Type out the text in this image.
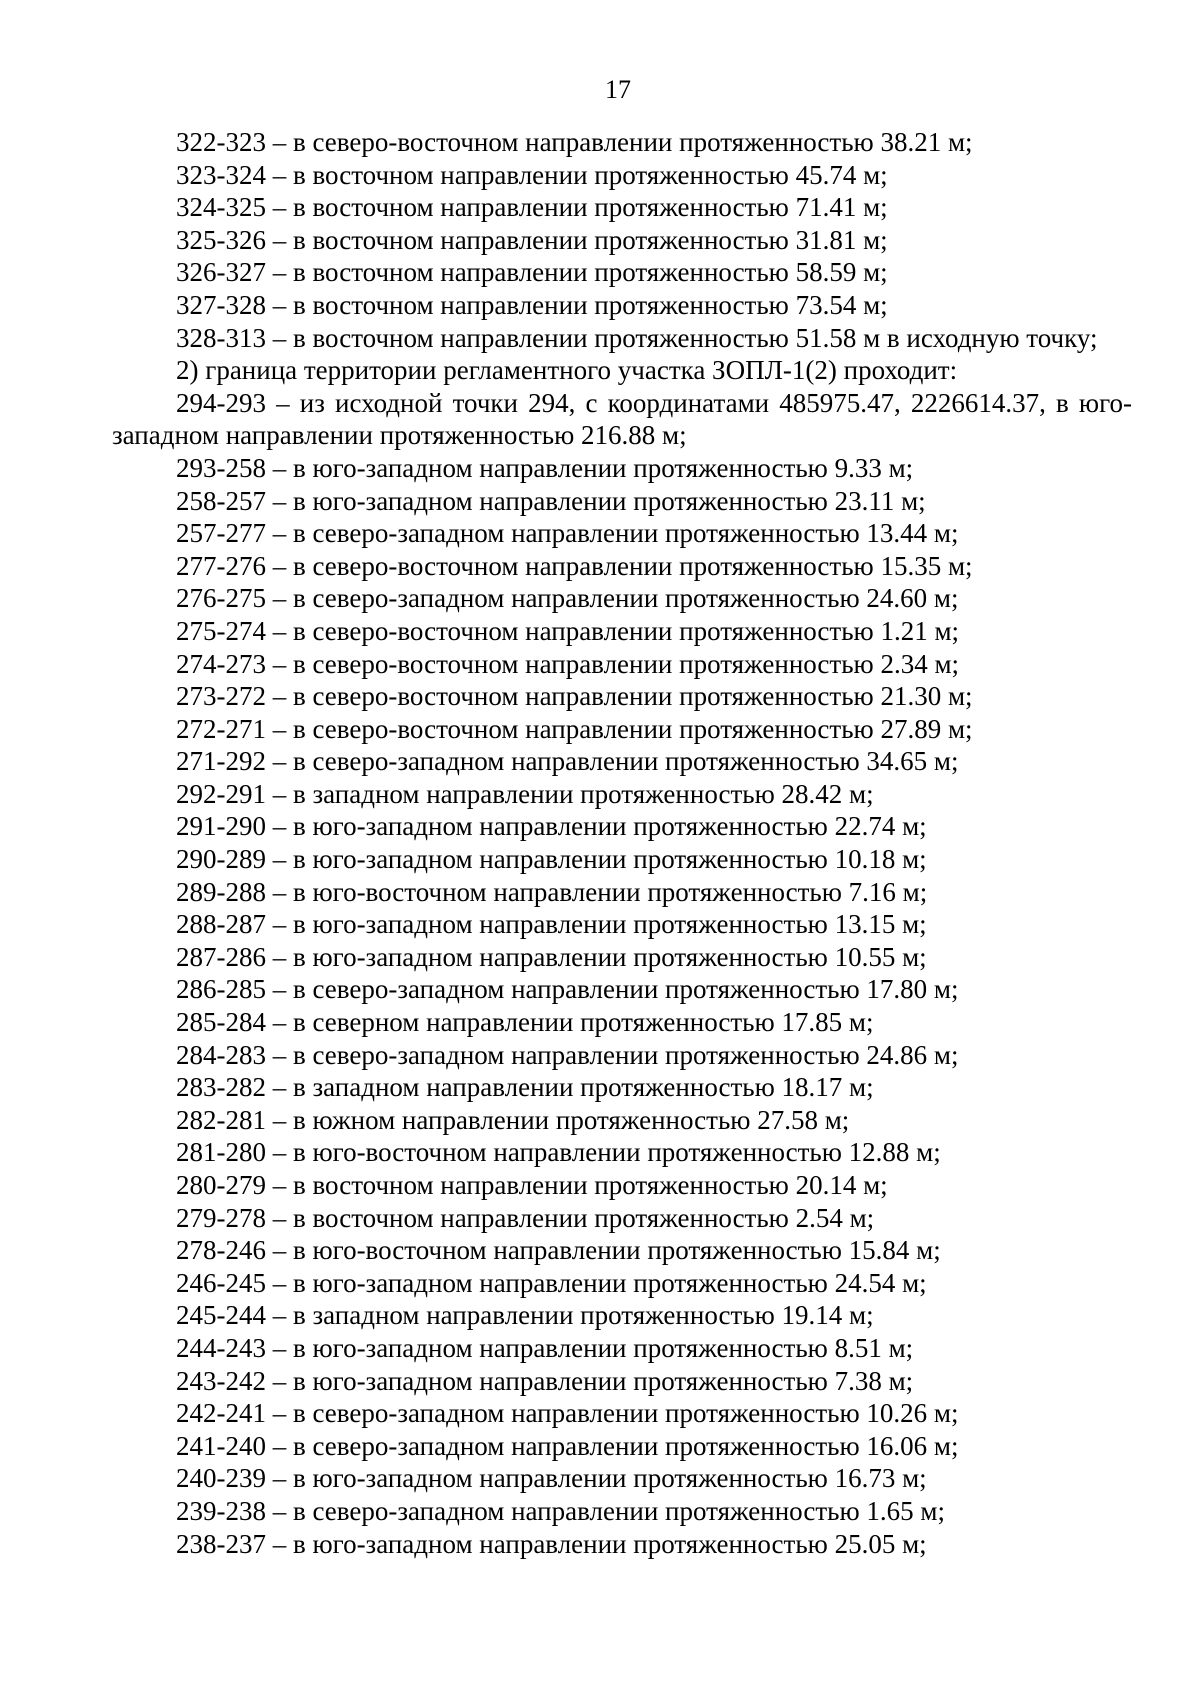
17

322-323 – в северо-восточном направлении протяженностью 38.21 м;

323-324 – в восточном направлении протяженностью 45.74 м;

324-325 – в восточном направлении протяженностью 71.41 м;

325-326 – в восточном направлении протяженностью 31.81 м;

326-327 – в восточном направлении протяженностью 58.59 м;

327-328 – в восточном направлении протяженностью 73.54 м;

328-313 – в восточном направлении протяженностью 51.58 м в исходную точку;

2) граница территории регламентного участка ЗОПЛ-1(2) проходит:

294-293 – из исходной точки 294, с координатами 485975.47, 2226614.37, в юго-западном направлении протяженностью 216.88 м;

293-258 – в юго-западном направлении протяженностью 9.33 м;

258-257 – в юго-западном направлении протяженностью 23.11 м;

257-277 – в северо-западном направлении протяженностью 13.44 м;

277-276 – в северо-восточном направлении протяженностью 15.35 м;

276-275 – в северо-западном направлении протяженностью 24.60 м;

275-274 – в северо-восточном направлении протяженностью 1.21 м;

274-273 – в северо-восточном направлении протяженностью 2.34 м;

273-272 – в северо-восточном направлении протяженностью 21.30 м;

272-271 – в северо-восточном направлении протяженностью 27.89 м;

271-292 – в северо-западном направлении протяженностью 34.65 м;

292-291 – в западном направлении протяженностью 28.42 м;

291-290 – в юго-западном направлении протяженностью 22.74 м;

290-289 – в юго-западном направлении протяженностью 10.18 м;

289-288 – в юго-восточном направлении протяженностью 7.16 м;

288-287 – в юго-западном направлении протяженностью 13.15 м;

287-286 – в юго-западном направлении протяженностью 10.55 м;

286-285 – в северо-западном направлении протяженностью 17.80 м;

285-284 – в северном направлении протяженностью 17.85 м;

284-283 – в северо-западном направлении протяженностью 24.86 м;

283-282 – в западном направлении протяженностью 18.17 м;

282-281 – в южном направлении протяженностью 27.58 м;

281-280 – в юго-восточном направлении протяженностью 12.88 м;

280-279 – в восточном направлении протяженностью 20.14 м;

279-278 – в восточном направлении протяженностью 2.54 м;

278-246 – в юго-восточном направлении протяженностью 15.84 м;

246-245 – в юго-западном направлении протяженностью 24.54 м;

245-244 – в западном направлении протяженностью 19.14 м;

244-243 – в юго-западном направлении протяженностью 8.51 м;

243-242 – в юго-западном направлении протяженностью 7.38 м;

242-241 – в северо-западном направлении протяженностью 10.26 м;

241-240 – в северо-западном направлении протяженностью 16.06 м;

240-239 – в юго-западном направлении протяженностью 16.73 м;

239-238 – в северо-западном направлении протяженностью 1.65 м;

238-237 – в юго-западном направлении протяженностью 25.05 м;
